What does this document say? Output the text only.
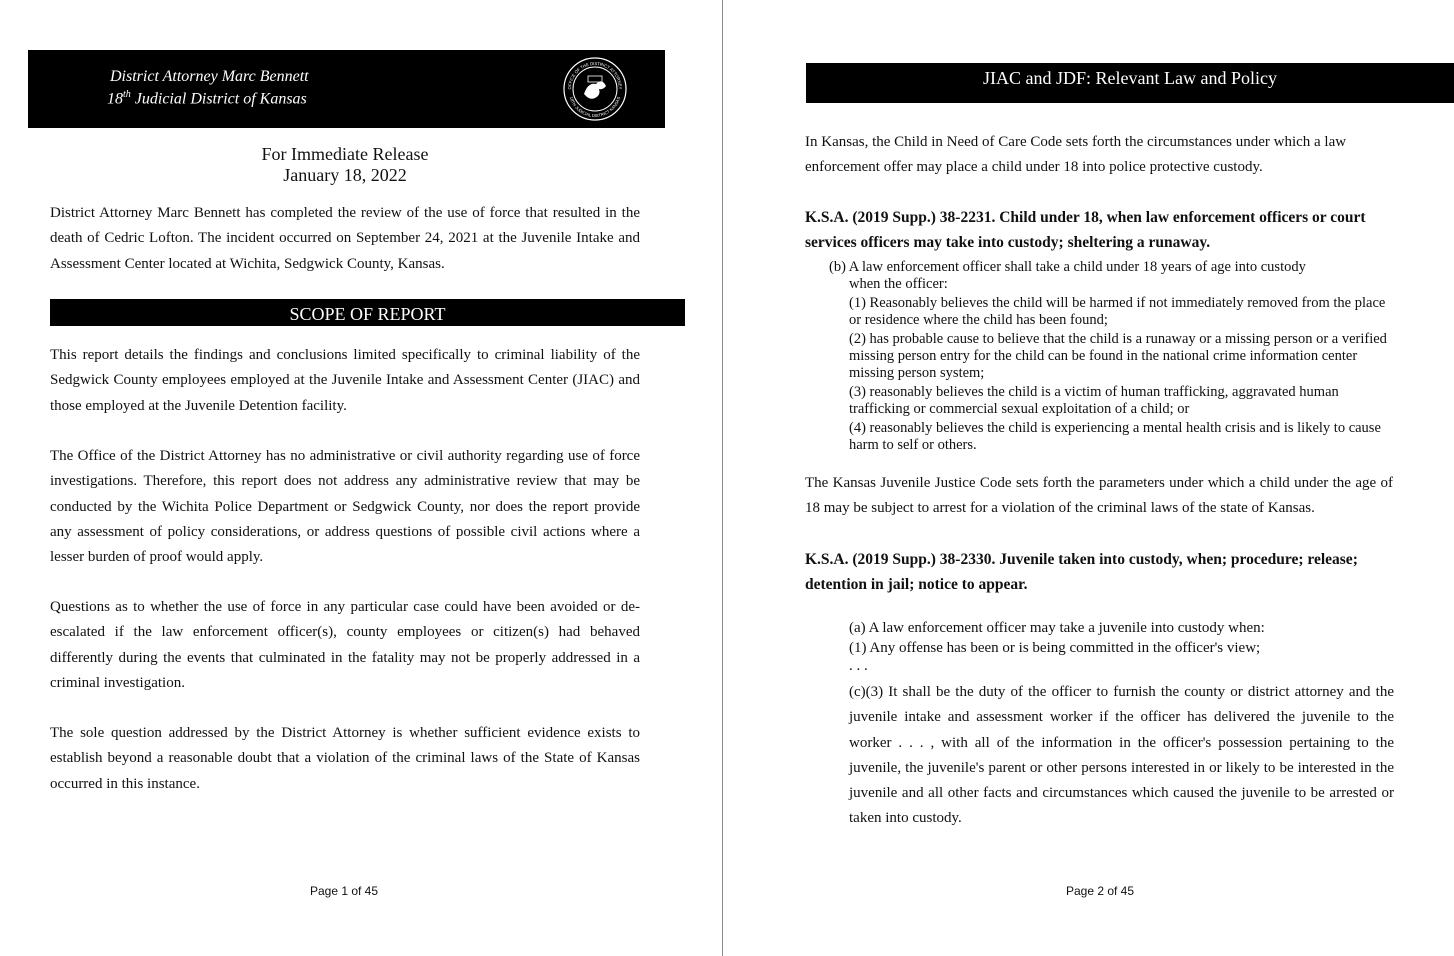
District Attorney Marc Bennett
18th Judicial District of Kansas
OFFICE OF THE DISTRICT ATTORNEY
18TH JUDICIAL DISTRICT KANSAS
For Immediate Release
January 18, 2022

District Attorney Marc Bennett has completed the review of the use of force that resulted in the death of Cedric Lofton. The incident occurred on September 24, 2021 at the Juvenile Intake and Assessment Center located at Wichita, Sedgwick County, Kansas.

SCOPE OF REPORT

This report details the findings and conclusions limited specifically to criminal liability of the Sedgwick County employees employed at the Juvenile Intake and Assessment Center (JIAC) and those employed at the Juvenile Detention facility.

The Office of the District Attorney has no administrative or civil authority regarding use of force investigations. Therefore, this report does not address any administrative review that may be conducted by the Wichita Police Department or Sedgwick County, nor does the report provide any assessment of policy considerations, or address questions of possible civil actions where a lesser burden of proof would apply.

Questions as to whether the use of force in any particular case could have been avoided or de-escalated if the law enforcement officer(s), county employees or citizen(s) had behaved differently during the events that culminated in the fatality may not be properly addressed in a criminal investigation.

The sole question addressed by the District Attorney is whether sufficient evidence exists to establish beyond a reasonable doubt that a violation of the criminal laws of the State of Kansas occurred in this instance.

Page 1 of 45
JIAC and JDF: Relevant Law and Policy

In Kansas, the Child in Need of Care Code sets forth the circumstances under which a law enforcement offer may place a child under 18 into police protective custody.

K.S.A. (2019 Supp.) 38-2231. Child under 18, when law enforcement officers or court services officers may take into custody; sheltering a runaway.

(b) A law enforcement officer shall take a child under 18 years of age into custody

when the officer:

(1) Reasonably believes the child will be harmed if not immediately removed from the place or residence where the child has been found;

(2) has probable cause to believe that the child is a runaway or a missing person or a verified missing person entry for the child can be found in the national crime information center missing person system;

(3) reasonably believes the child is a victim of human trafficking, aggravated human trafficking or commercial sexual exploitation of a child; or

(4) reasonably believes the child is experiencing a mental health crisis and is likely to cause harm to self or others.

The Kansas Juvenile Justice Code sets forth the parameters under which a child under the age of 18 may be subject to arrest for a violation of the criminal laws of the state of Kansas.

K.S.A. (2019 Supp.) 38-2330. Juvenile taken into custody, when; procedure; release; detention in jail; notice to appear.

(a) A law enforcement officer may take a juvenile into custody when:

(1) Any offense has been or is being committed in the officer's view;

. . .

(c)(3) It shall be the duty of the officer to furnish the county or district attorney and the juvenile intake and assessment worker if the officer has delivered the juvenile to the worker . . . , with all of the information in the officer's possession pertaining to the juvenile, the juvenile's parent or other persons interested in or likely to be interested in the juvenile and all other facts and circumstances which caused the juvenile to be arrested or taken into custody.

Page 2 of 45
